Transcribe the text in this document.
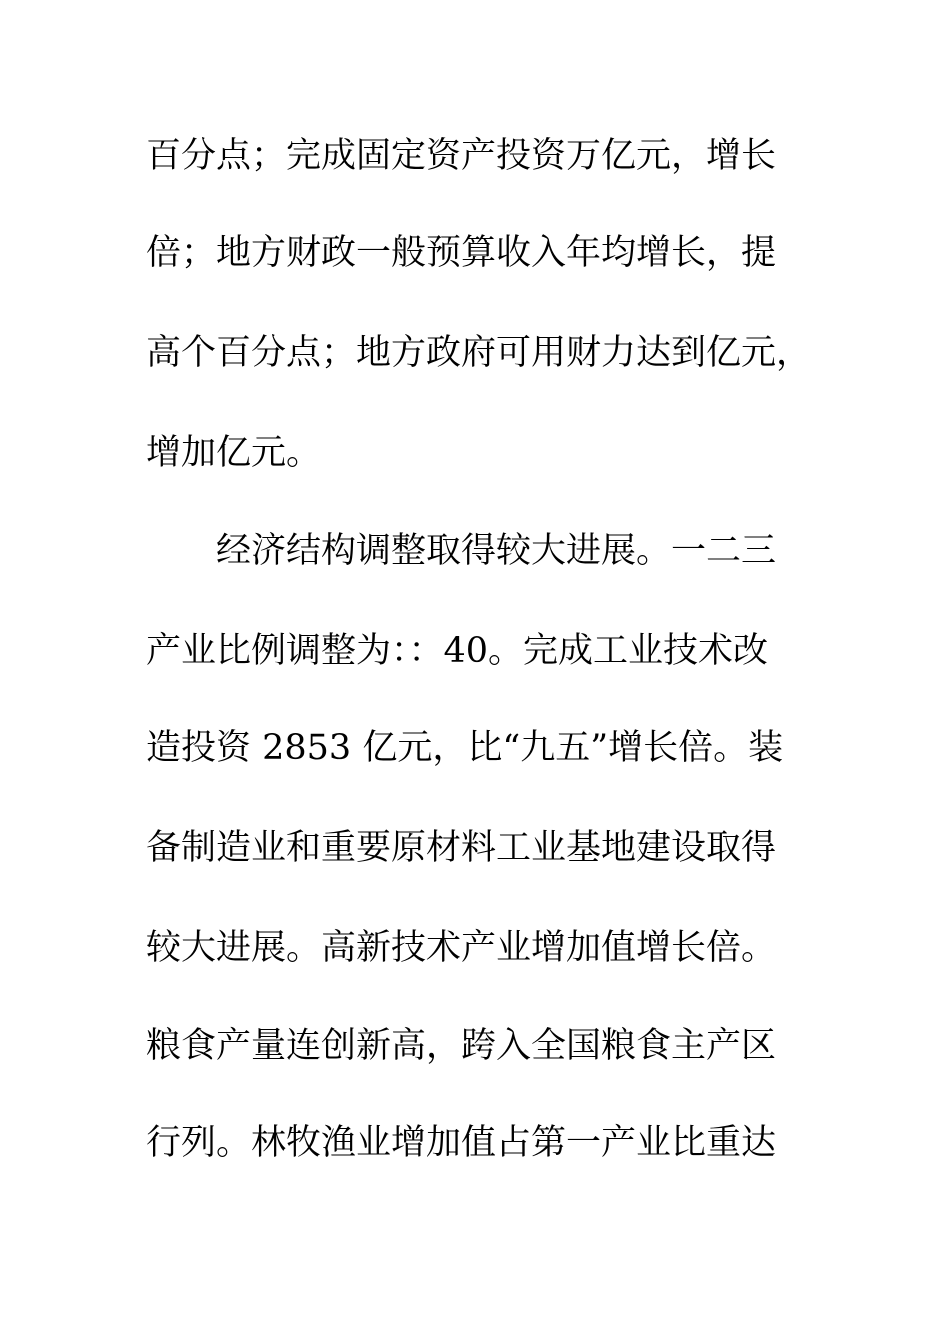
百分点；完成固定资产投资万亿元，增长
倍；地方财政一般预算收入年均增长，提
高个百分点；地方政府可用财力达到亿元，
增加亿元。
经济结构调整取得较大进展。一二三
产业比例调整为：：40。完成工业技术改
造投资 2853 亿元，比“九五”增长倍。装
备制造业和重要原材料工业基地建设取得
较大进展。高新技术产业增加值增长倍。
粮食产量连创新高，跨入全国粮食主产区
行列。林牧渔业增加值占第一产业比重达
